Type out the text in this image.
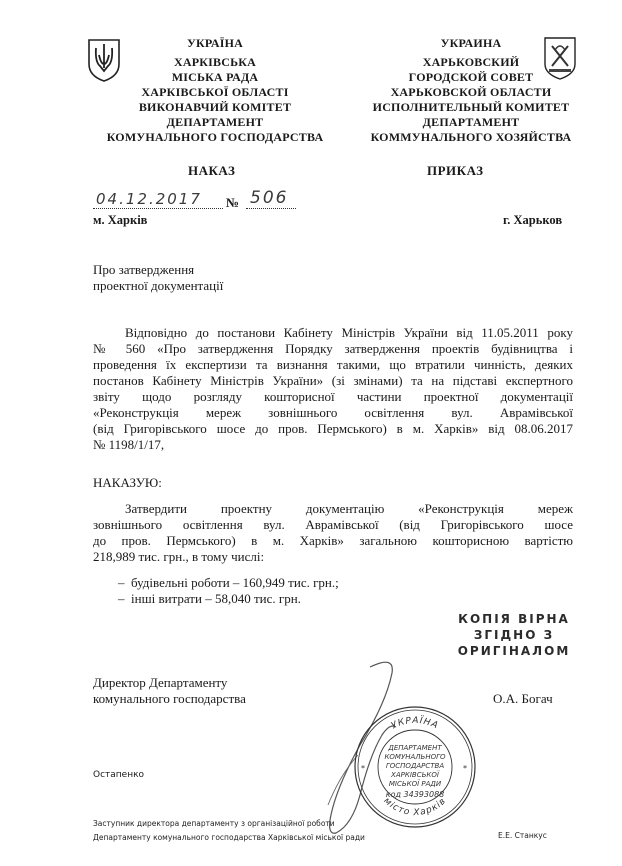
УКРАЇНА
ХАРКІВСЬКА
МІСЬКА РАДА
ХАРКІВСЬКОЇ ОБЛАСТІ
ВИКОНАВЧИЙ КОМІТЕТ
ДЕПАРТАМЕНТ
КОМУНАЛЬНОГО ГОСПОДАРСТВА
УКРАИНА
ХАРЬКОВСКИЙ
ГОРОДСКОЙ СОВЕТ
ХАРЬКОВСКОЙ ОБЛАСТИ
ИСПОЛНИТЕЛЬНЫЙ КОМИТЕТ
ДЕПАРТАМЕНТ
КОММУНАЛЬНОГО ХОЗЯЙСТВА
НАКАЗ	ПРИКАЗ
04.12.2017 № 506
м. Харків	г. Харьков
Про затвердження
проектної документації
Відповідно до постанови Кабінету Міністрів України від 11.05.2011 року
№ 560 «Про затвердження Порядку затвердження проектів будівництва і
проведення їх експертизи та визнання такими, що втратили чинність, деяких
постанов Кабінету Міністрів України» (зі змінами) та на підставі експертного
звіту щодо розгляду кошторисної частини проектної документації
«Реконструкція мереж зовнішнього освітлення вул. Аврамівської
(від Григорівського шосе до пров. Пермського) в м. Харків» від 08.06.2017
№ 1198/1/17,
НАКАЗУЮ:
Затвердити проектну документацію «Реконструкція мереж
зовнішнього освітлення вул. Аврамівської (від Григорівського шосе
до пров. Пермського) в м. Харків» загальною кошторисною вартістю
218,989 тис. грн., в тому числі:
–  будівельні роботи – 160,949 тис. грн.;
–  інші витрати – 58,040 тис. грн.
КОПІЯ ВІРНА
ЗГІДНО З
ОРИГІНАЛОМ
Директор Департаменту
комунального господарства	О.А. Богач
УКРАЇНА
місто Харків
ДЕПАРТАМЕНТ
КОМУНАЛЬНОГО
ГОСПОДАРСТВА
ХАРКІВСЬКОЇ
МІСЬКОЇ РАДИ
код 34393088
*	*
Остапенко
Заступник директора департаменту з організаційної роботи
Департаменту комунального господарства Харківської міської ради	Е.Е. Станкус
